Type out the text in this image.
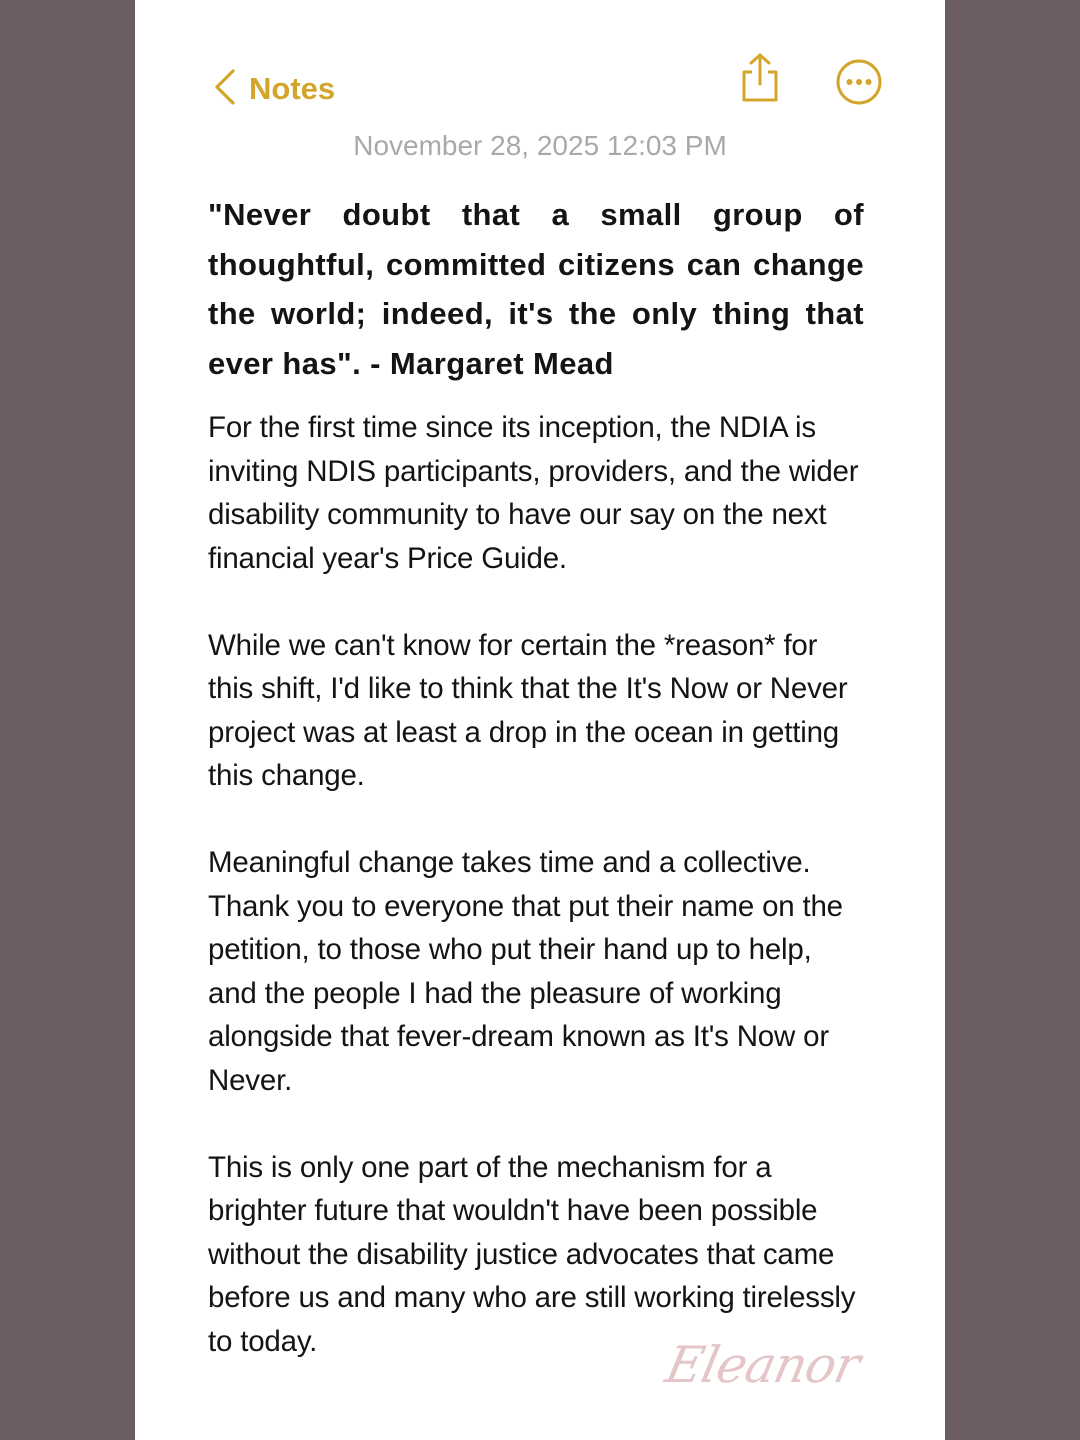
Notes
November 28, 2025 12:03 PM

"Never doubt that a small group of thoughtful, committed citizens can change the world; indeed, it's the only thing that ever has". - Margaret Mead

For the first time since its inception, the NDIA is inviting NDIS participants, providers, and the wider disability community to have our say on the next financial year's Price Guide.

While we can't know for certain the *reason* for this shift, I'd like to think that the It's Now or Never project was at least a drop in the ocean in getting this change.

Meaningful change takes time and a collective. Thank you to everyone that put their name on the petition, to those who put their hand up to help, and the people I had the pleasure of working alongside that fever-dream known as It's Now or Never.

This is only one part of the mechanism for a brighter future that wouldn't have been possible without the disability justice advocates that came before us and many who are still working tirelessly to today.	Eleanor
